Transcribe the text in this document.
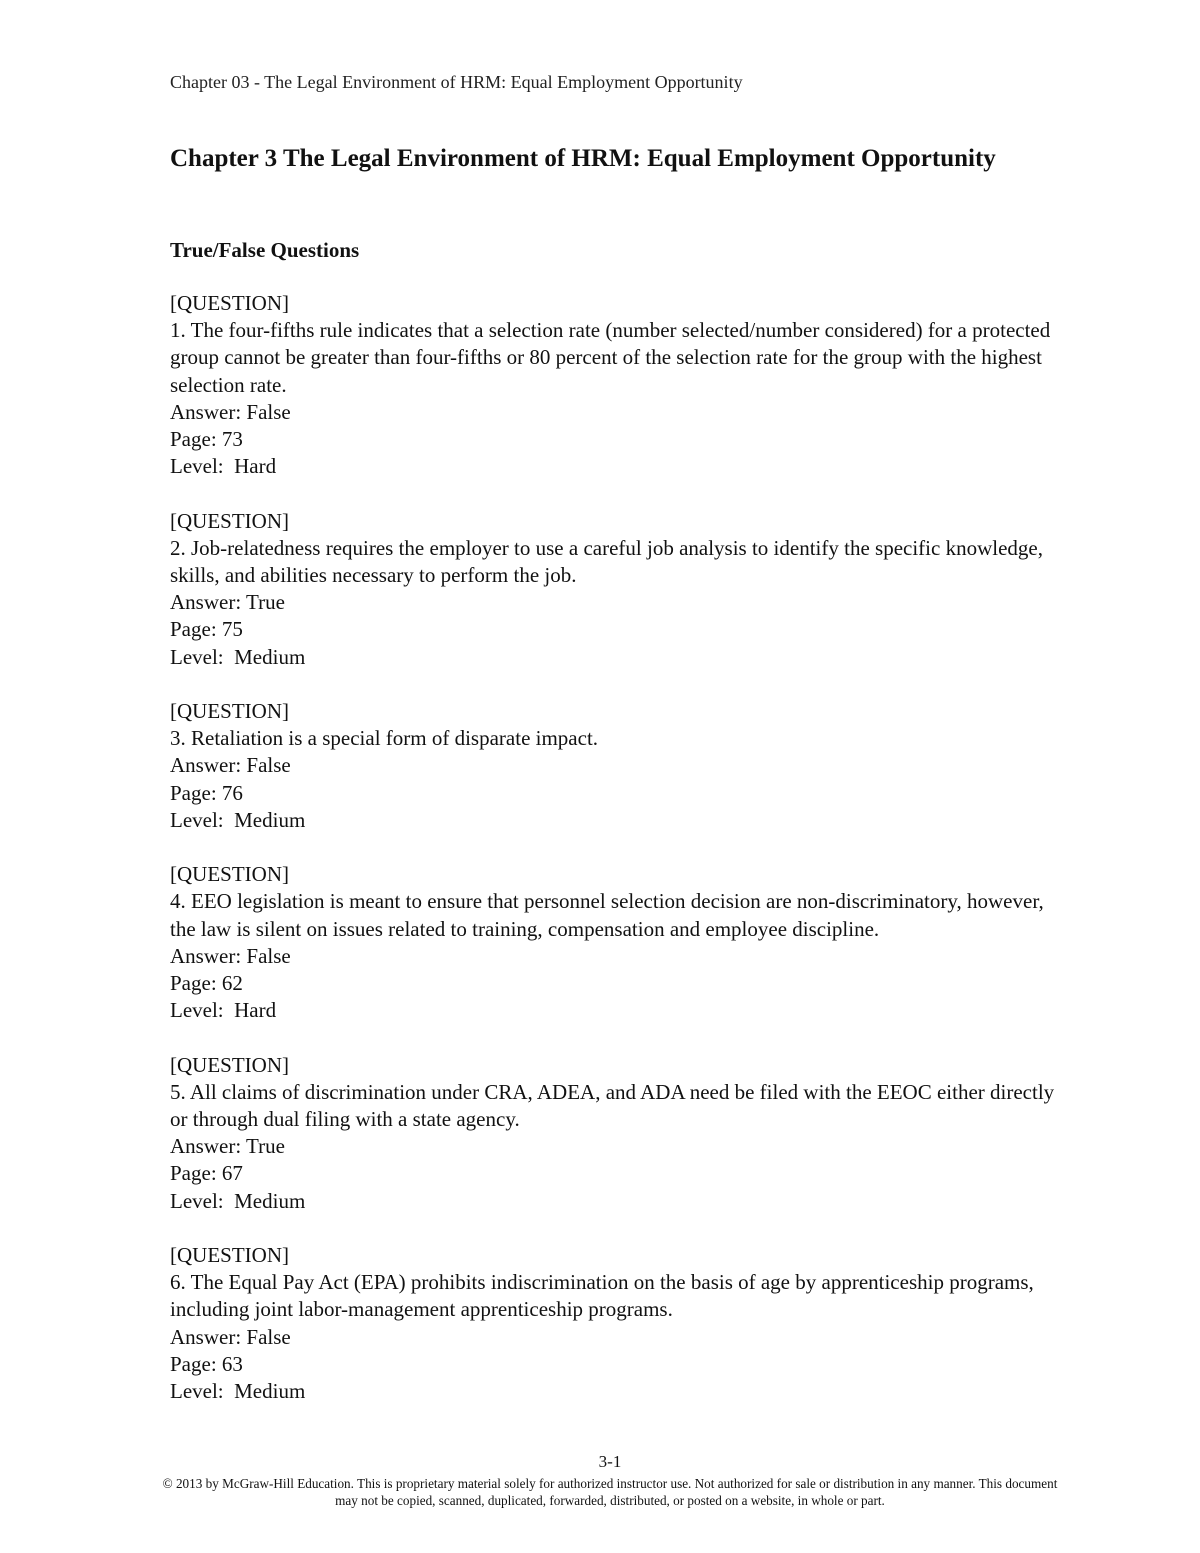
Chapter 03 - The Legal Environment of HRM: Equal Employment Opportunity
Chapter 3 The Legal Environment of HRM: Equal Employment Opportunity
True/False Questions
[QUESTION]
1. The four-fifths rule indicates that a selection rate (number selected/number considered) for a protected group cannot be greater than four-fifths or 80 percent of the selection rate for the group with the highest selection rate.
Answer: False
Page: 73
Level:  Hard
[QUESTION]
2. Job-relatedness requires the employer to use a careful job analysis to identify the specific knowledge, skills, and abilities necessary to perform the job.
Answer: True
Page: 75
Level:  Medium
[QUESTION]
3. Retaliation is a special form of disparate impact.
Answer: False
Page: 76
Level:  Medium
[QUESTION]
4. EEO legislation is meant to ensure that personnel selection decision are non-discriminatory, however, the law is silent on issues related to training, compensation and employee discipline.
Answer: False
Page: 62
Level:  Hard
[QUESTION]
5. All claims of discrimination under CRA, ADEA, and ADA need be filed with the EEOC either directly or through dual filing with a state agency.
Answer: True
Page: 67
Level:  Medium
[QUESTION]
6. The Equal Pay Act (EPA) prohibits indiscrimination on the basis of age by apprenticeship programs, including joint labor-management apprenticeship programs.
Answer: False
Page: 63
Level:  Medium
3-1
© 2013 by McGraw-Hill Education. This is proprietary material solely for authorized instructor use. Not authorized for sale or distribution in any manner. This document may not be copied, scanned, duplicated, forwarded, distributed, or posted on a website, in whole or part.
